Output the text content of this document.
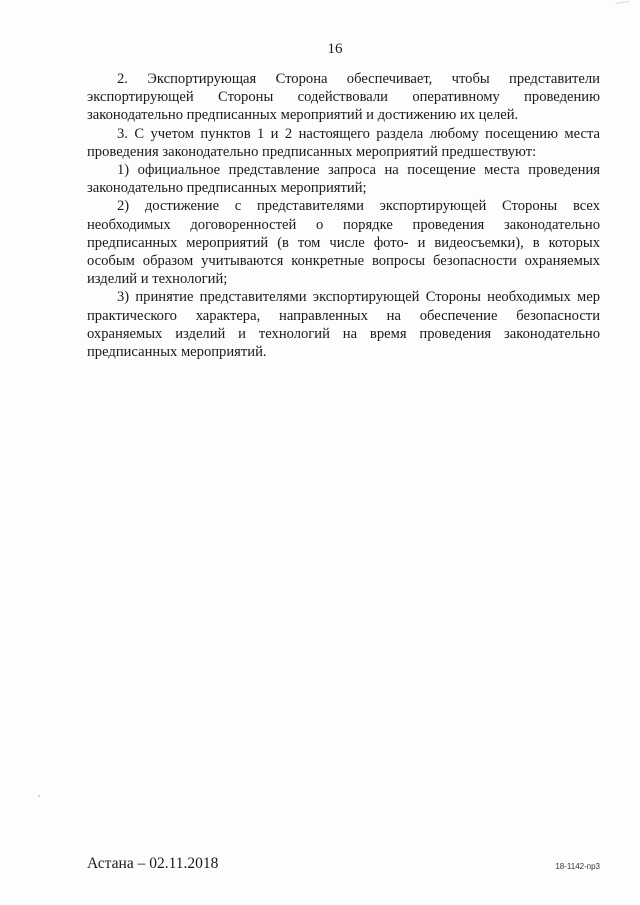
16

2. Экспортирующая Сторона обеспечивает, чтобы представители экспортирующей Стороны содействовали оперативному проведению законодательно предписанных мероприятий и достижению их целей.

3. С учетом пунктов 1 и 2 настоящего раздела любому посещению места проведения законодательно предписанных мероприятий предшествуют:

1) официальное представление запроса на посещение места проведения законодательно предписанных мероприятий;

2) достижение с представителями экспортирующей Стороны всех необходимых договоренностей о порядке проведения законодательно предписанных мероприятий (в том числе фото- и видеосъемки), в которых особым образом учитываются конкретные вопросы безопасности охраняемых изделий и технологий;

3) принятие представителями экспортирующей Стороны необходимых мер практического характера, направленных на обеспечение безопасности охраняемых изделий и технологий на время проведения законодательно предписанных мероприятий.

Астана – 02.11.2018	18-1142-пр3
